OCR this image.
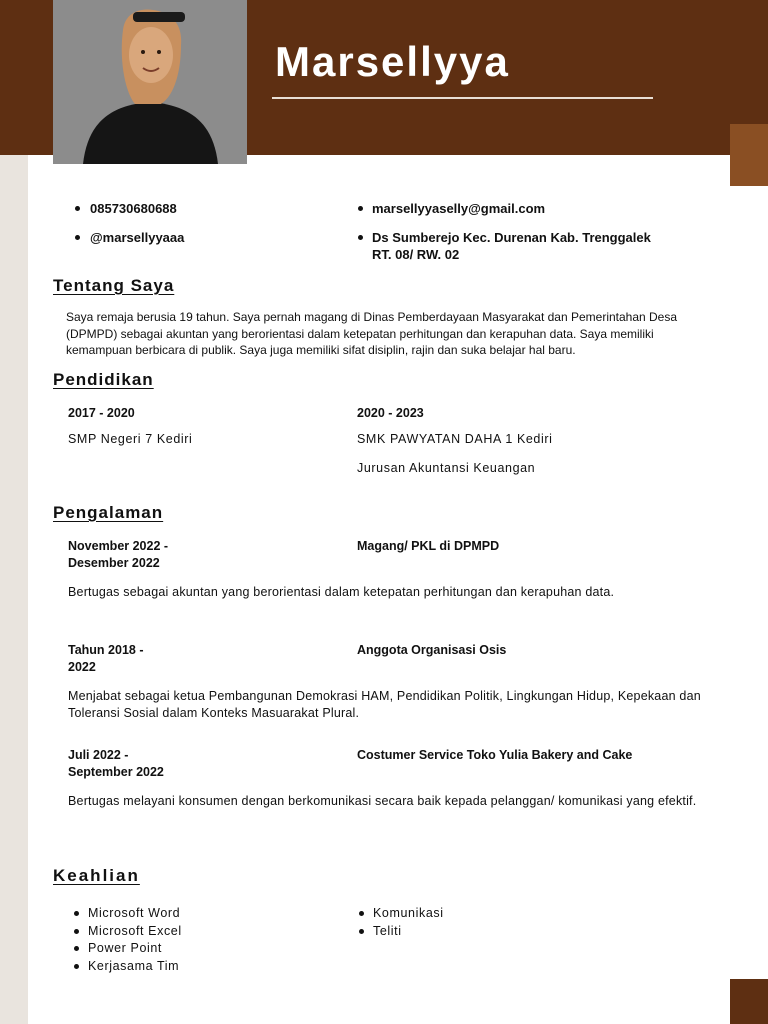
Marsellyya
085730680688
@marsellyyaaa
marsellyyasellу@gmail.com
Ds Sumberejo Kec. Durenan Kab. Trenggalek
RT. 08/ RW. 02
Tentang Saya
Saya remaja berusia 19 tahun. Saya pernah magang di Dinas Pemberdayaan Masyarakat dan Pemerintahan Desa (DPMPD) sebagai akuntan yang berorientasi dalam ketepatan perhitungan dan kerapuhan data. Saya memiliki kemampuan berbicara di publik. Saya juga memiliki sifat disiplin, rajin dan suka belajar hal baru.
Pendidikan
2017 - 2020
SMP Negeri 7 Kediri
2020 - 2023
SMK PAWYATAN DAHA 1 Kediri
Jurusan Akuntansi Keuangan
Pengalaman
November 2022 -
Desember 2022
Magang/ PKL di DPMPD
Bertugas sebagai akuntan yang berorientasi dalam ketepatan perhitungan dan kerapuhan data.
Tahun 2018 -
2022
Anggota Organisasi Osis
Menjabat sebagai ketua Pembangunan Demokrasi HAM, Pendidikan Politik, Lingkungan Hidup, Kepekaan dan Toleransi Sosial dalam Konteks Masuarakat Plural.
Juli 2022 -
September 2022
Costumer Service Toko Yulia Bakery and Cake
Bertugas melayani konsumen dengan berkomunikasi secara baik kepada pelanggan/ komunikasi yang efektif.
Keahlian
Microsoft Word
Microsoft Excel
Power Point
Kerjasama Tim
Komunikasi
Teliti
